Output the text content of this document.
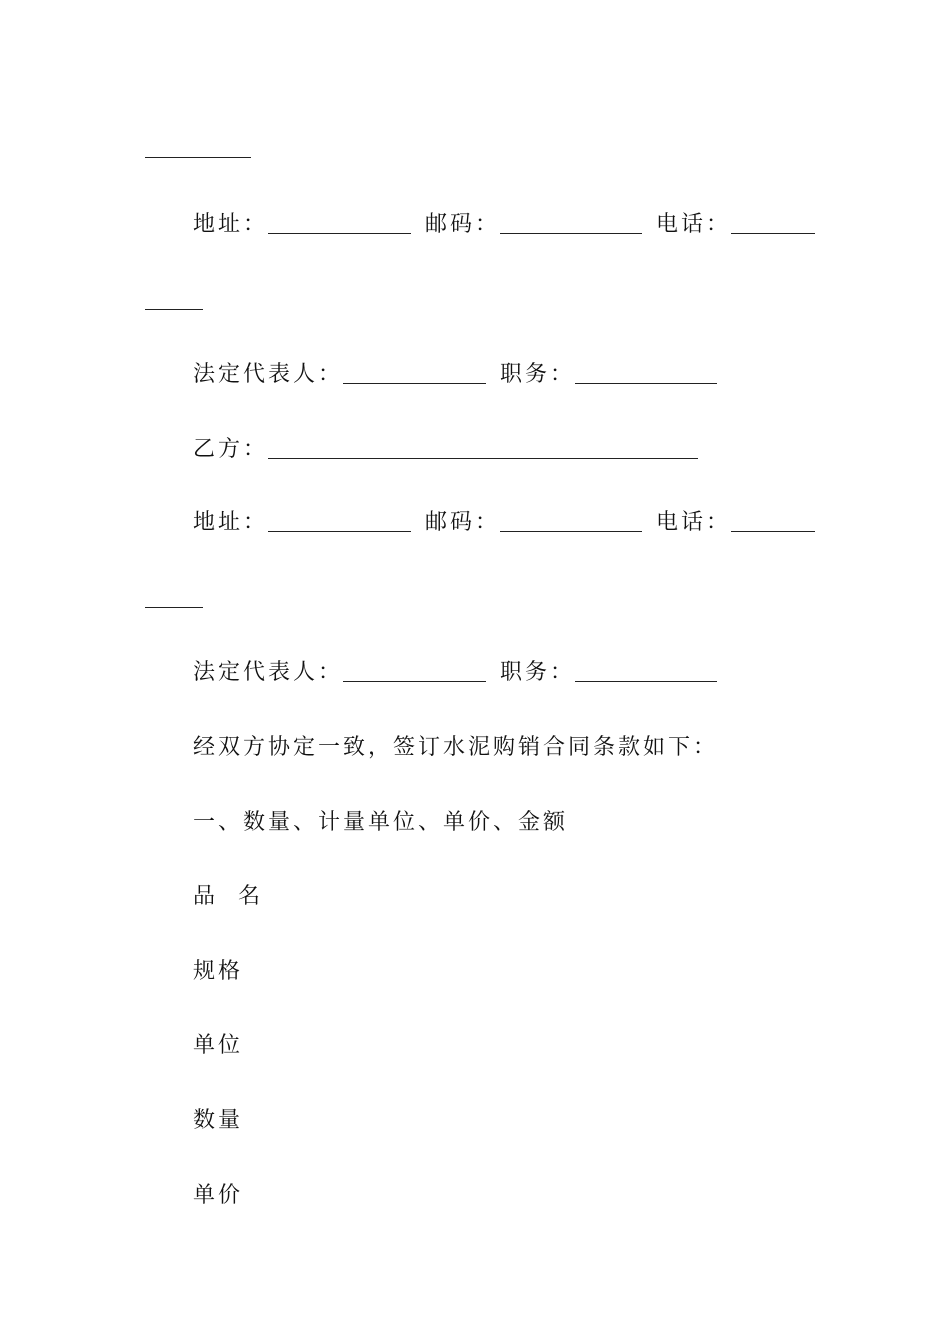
地址：	邮码：	电话：
法定代表人：	职务：
乙方：
地址：	邮码：	电话：
法定代表人：	职务：
经双方协定一致，签订水泥购销合同条款如下：
一、数量、计量单位、单价、金额
品  名
规格
单位
数量
单价
